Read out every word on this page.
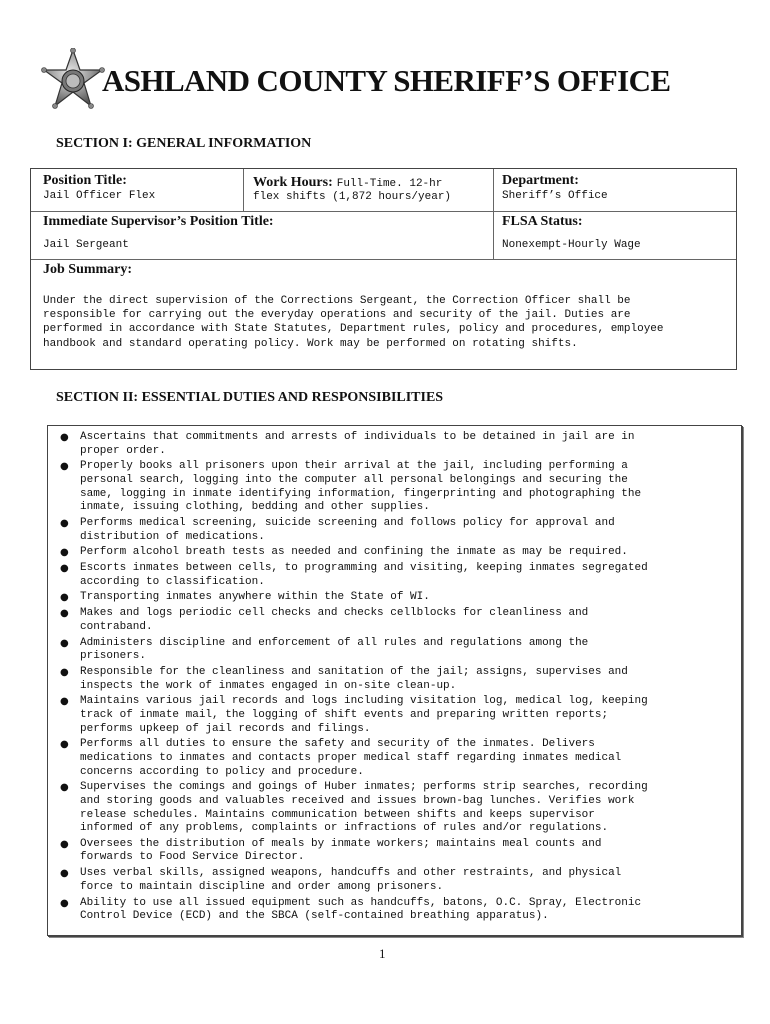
ASHLAND COUNTY SHERIFF’S OFFICE
SECTION I: GENERAL INFORMATION
Position Title:
Jail Officer Flex
Work Hours: Full-Time. 12-hr
flex shifts (1,872 hours/year)
Department:
Sheriff’s Office
Immediate Supervisor’s Position Title:
Jail Sergeant
FLSA Status:
Nonexempt-Hourly Wage
Job Summary:
Under the direct supervision of the Corrections Sergeant, the Correction Officer shall be
responsible for carrying out the everyday operations and security of the jail. Duties are
performed in accordance with State Statutes, Department rules, policy and procedures, employee
handbook and standard operating policy. Work may be performed on rotating shifts.
SECTION II: ESSENTIAL DUTIES AND RESPONSIBILITIES
● Ascertains that commitments and arrests of individuals to be detained in jail are in
proper order.
● Properly books all prisoners upon their arrival at the jail, including performing a
personal search, logging into the computer all personal belongings and securing the
same, logging in inmate identifying information, fingerprinting and photographing the
inmate, issuing clothing, bedding and other supplies.
● Performs medical screening, suicide screening and follows policy for approval and
distribution of medications.
● Perform alcohol breath tests as needed and confining the inmate as may be required.
● Escorts inmates between cells, to programming and visiting, keeping inmates segregated
according to classification.
● Transporting inmates anywhere within the State of WI.
● Makes and logs periodic cell checks and checks cellblocks for cleanliness and
contraband.
● Administers discipline and enforcement of all rules and regulations among the
prisoners.
● Responsible for the cleanliness and sanitation of the jail; assigns, supervises and
inspects the work of inmates engaged in on-site clean-up.
● Maintains various jail records and logs including visitation log, medical log, keeping
track of inmate mail, the logging of shift events and preparing written reports;
performs upkeep of jail records and filings.
● Performs all duties to ensure the safety and security of the inmates. Delivers
medications to inmates and contacts proper medical staff regarding inmates medical
concerns according to policy and procedure.
● Supervises the comings and goings of Huber inmates; performs strip searches, recording
and storing goods and valuables received and issues brown-bag lunches. Verifies work
release schedules. Maintains communication between shifts and keeps supervisor
informed of any problems, complaints or infractions of rules and/or regulations.
● Oversees the distribution of meals by inmate workers; maintains meal counts and
forwards to Food Service Director.
● Uses verbal skills, assigned weapons, handcuffs and other restraints, and physical
force to maintain discipline and order among prisoners.
● Ability to use all issued equipment such as handcuffs, batons, O.C. Spray, Electronic
Control Device (ECD) and the SBCA (self-contained breathing apparatus).
1
